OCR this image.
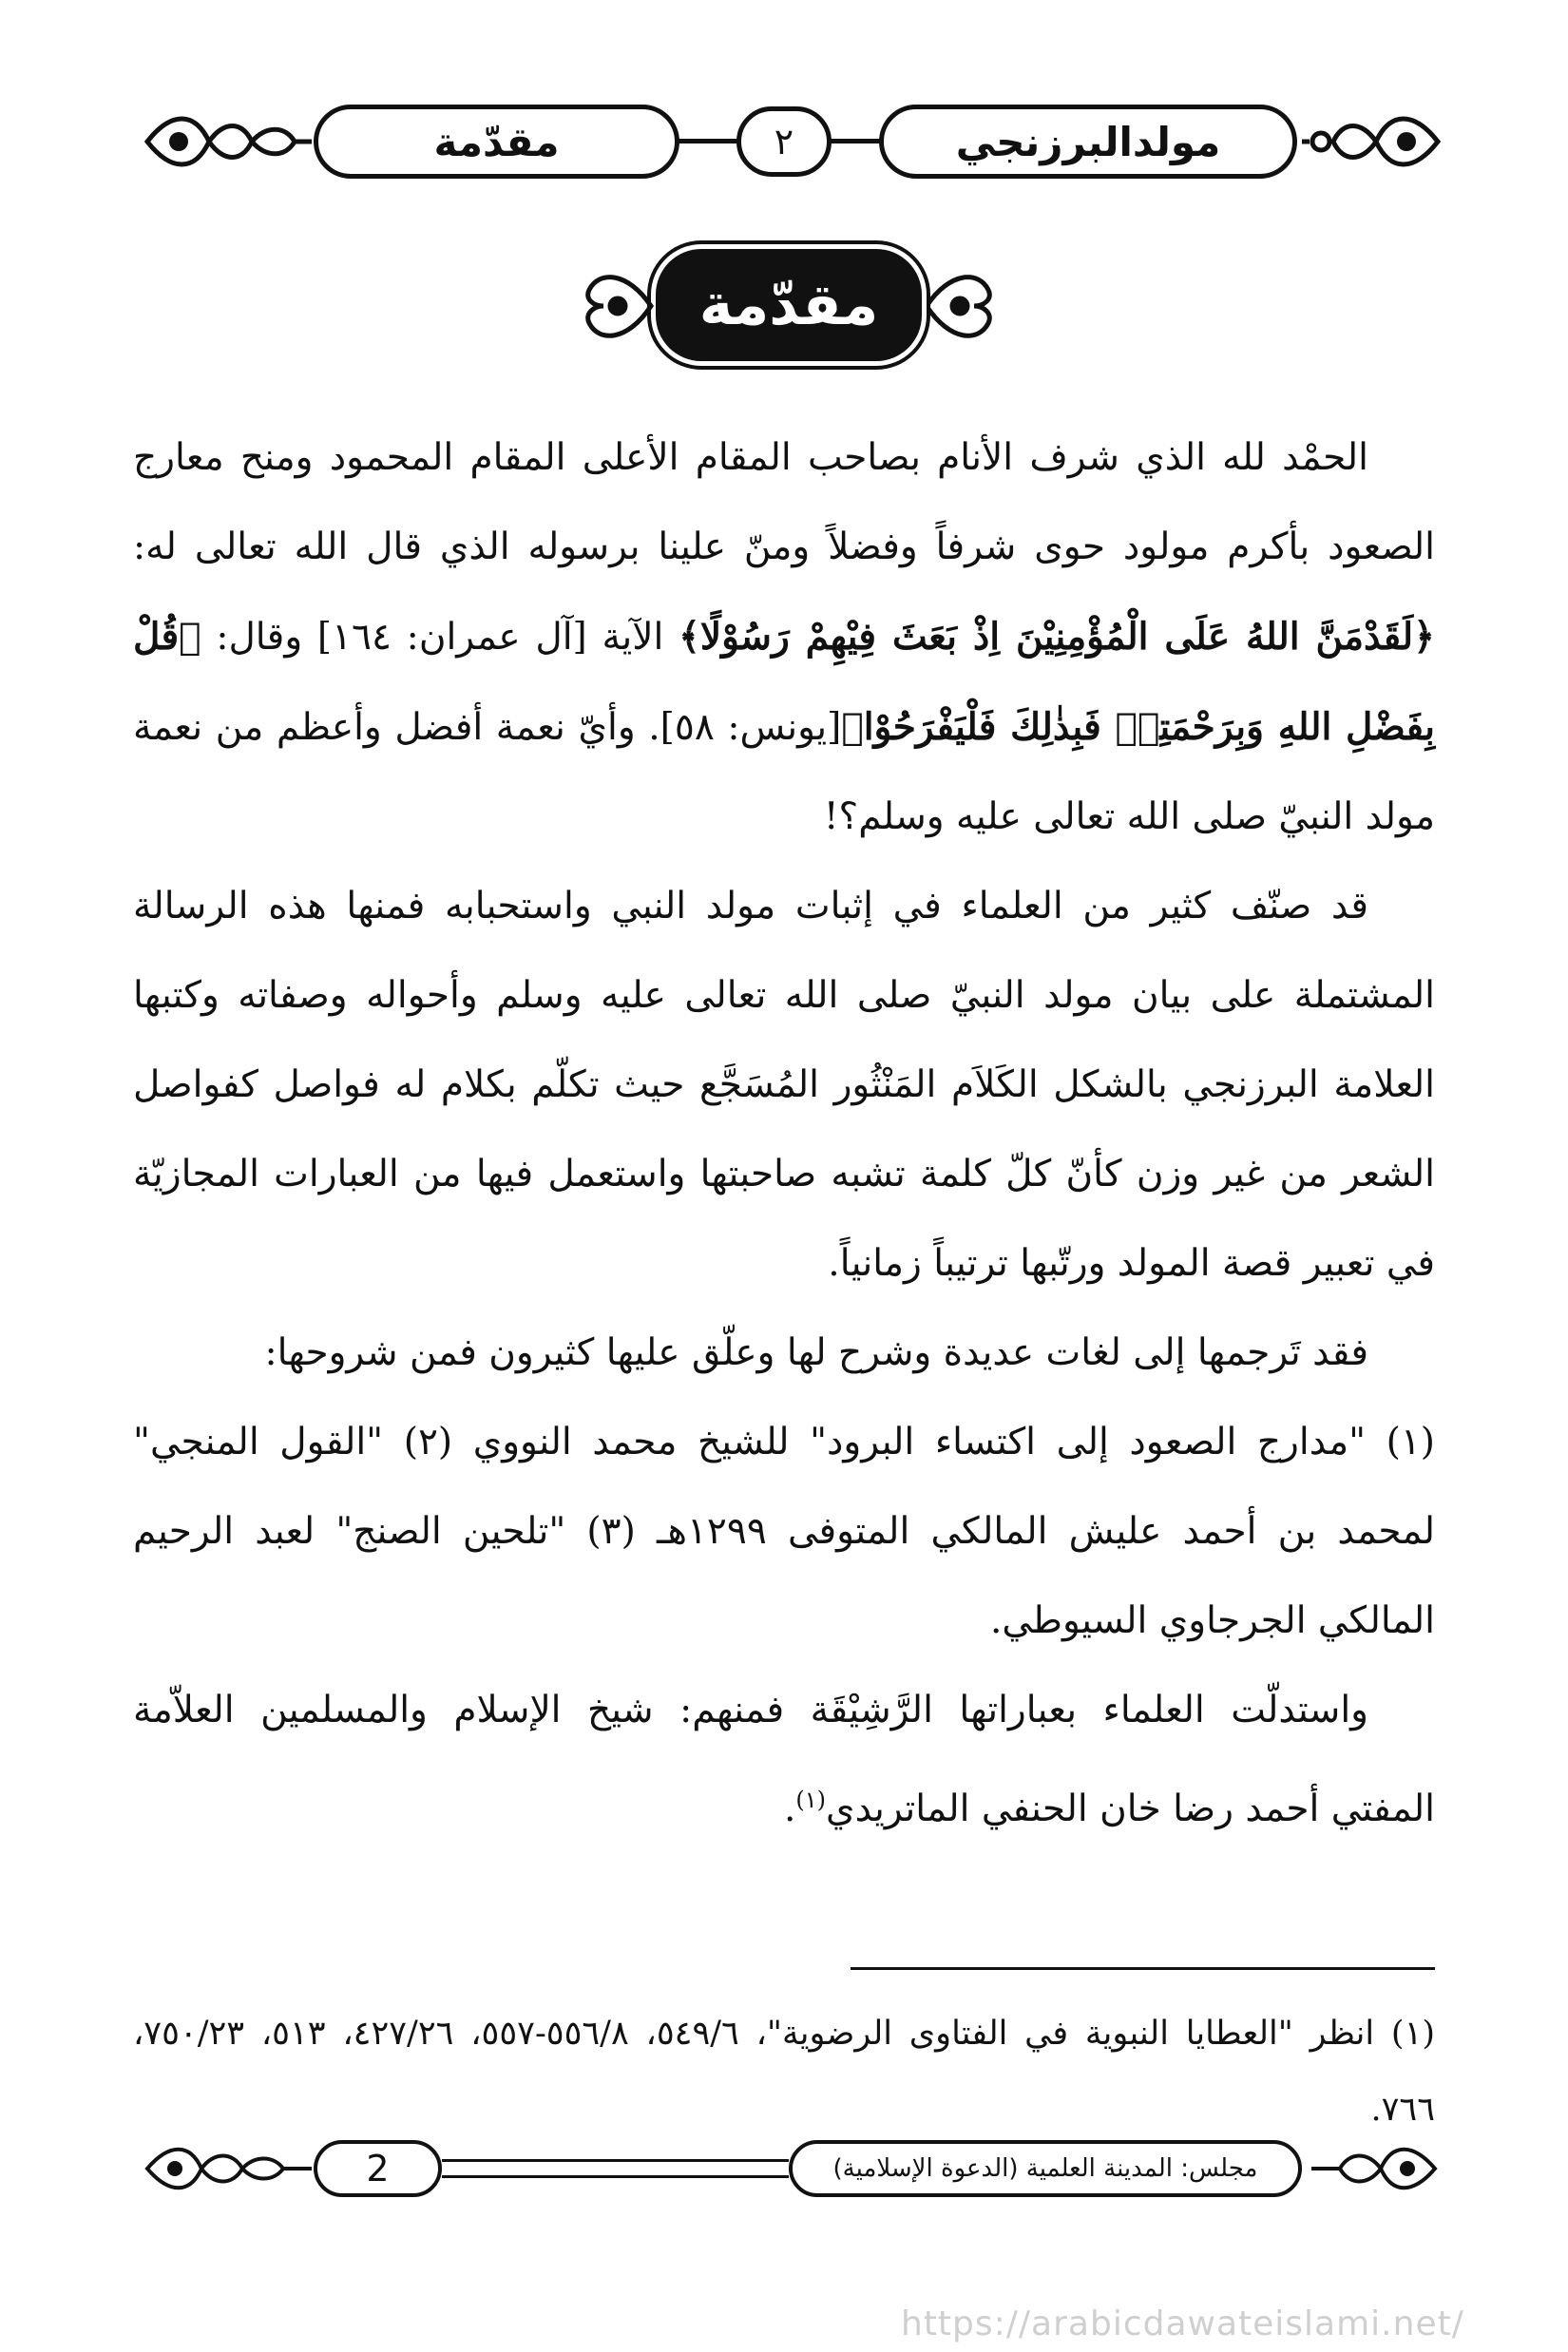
مولدالبرزنجي
٢
مقدّمة
مقدّمة

الحمْد لله الذي شرف الأنام بصاحب المقام الأعلى المقام المحمود ومنح معارج الصعود بأكرم مولود حوى شرفاً وفضلاً ومنّ علينا برسوله الذي قال الله تعالى له: ﴿لَقَدْمَنَّ اللهُ عَلَى الْمُؤْمِنِيْنَ اِذْ بَعَثَ فِيْهِمْ رَسُوْلًا﴾ الآية [آل عمران: ١٦٤] وقال: ﴿قُلْ بِفَضْلِ اللهِ وَبِرَحْمَتِهٖ فَبِذٰلِكَ فَلْيَفْرَحُوْا﴾[يونس: ٥٨]. وأيّ نعمة أفضل وأعظم من نعمة مولد النبيّ صلى الله تعالى عليه وسلم؟!

قد صنّف كثير من العلماء في إثبات مولد النبي واستحبابه فمنها هذه الرسالة المشتملة على بيان مولد النبيّ صلى الله تعالى عليه وسلم وأحواله وصفاته وكتبها العلامة البرزنجي بالشكل الكَلاَم المَنْثُور المُسَجَّع حيث تكلّم بكلام له فواصل كفواصل الشعر من غير وزن كأنّ كلّ كلمة تشبه صاحبتها واستعمل فيها من العبارات المجازيّة في تعبير قصة المولد ورتّبها ترتيباً زمانياً.

فقد تَرجمها إلى لغات عديدة وشرح لها وعلّق عليها كثيرون فمن شروحها:

(١) "مدارج الصعود إلى اكتساء البرود" للشيخ محمد النووي (٢) "القول المنجي" لمحمد بن أحمد عليش المالكي المتوفى ١٢٩٩هـ (٣) "تلحين الصنج" لعبد الرحيم المالكي الجرجاوي السيوطي.

واستدلّت العلماء بعباراتها الرَّشِيْقَة فمنهم: شيخ الإسلام والمسلمين العلاّمة المفتي أحمد رضا خان الحنفي الماتريدي$^{(١)}$.

(١) انظر "العطايا النبوية في الفتاوى الرضوية"، ٥٤٩/٦، ٥٥٦/٨-٥٥٧، ٤٢٧/٢٦، ٥١٣، ٧٥٠/٢٣، ٧٦٦.

مجلس: المدينة العلمية (الدعوة الإسلامية)
2
https://arabicdawateislami.net/
